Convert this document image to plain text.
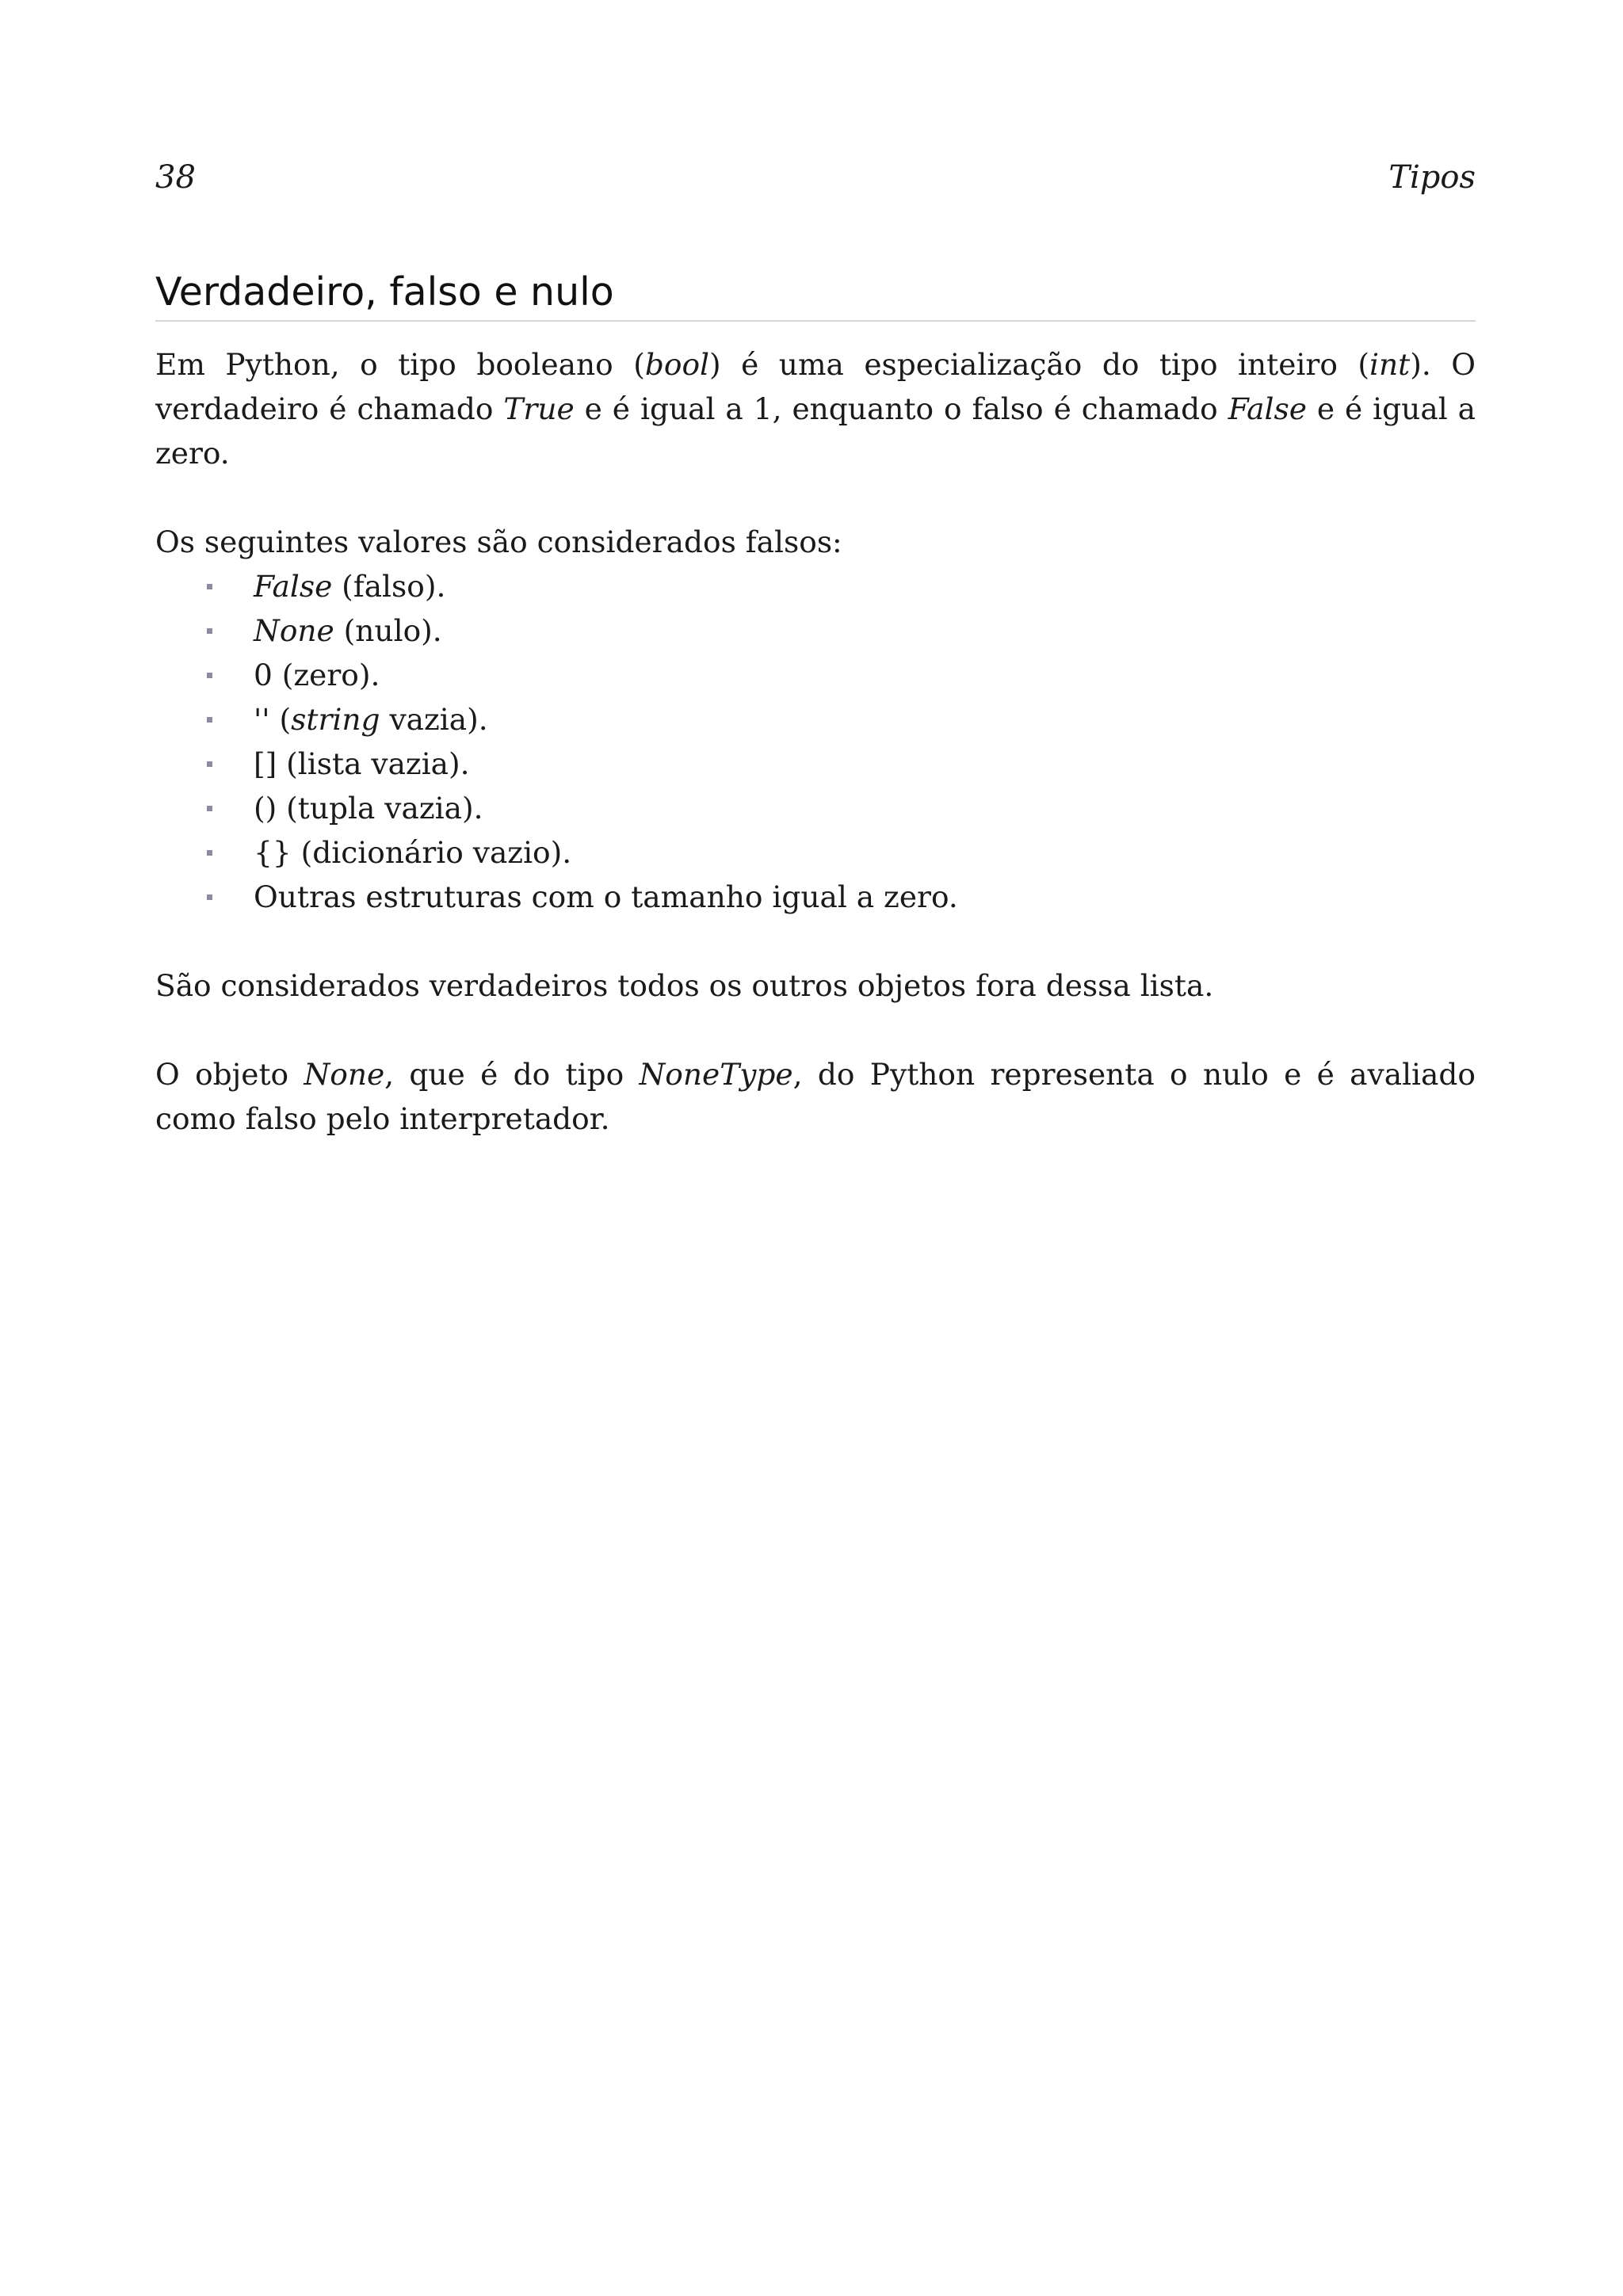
38	Tipos
Verdadeiro, falso e nulo

Em Python, o tipo booleano (bool) é uma especialização do tipo inteiro (int). O verdadeiro é chamado True e é igual a 1, enquanto o falso é chamado False e é igual a zero.

Os seguintes valores são considerados falsos:

False (falso).
None (nulo).
0 (zero).
'' (string vazia).
[] (lista vazia).
() (tupla vazia).
{} (dicionário vazio).
Outras estruturas com o tamanho igual a zero.

São considerados verdadeiros todos os outros objetos fora dessa lista.

O objeto None, que é do tipo NoneType, do Python representa o nulo e é avaliado como falso pelo interpretador.
